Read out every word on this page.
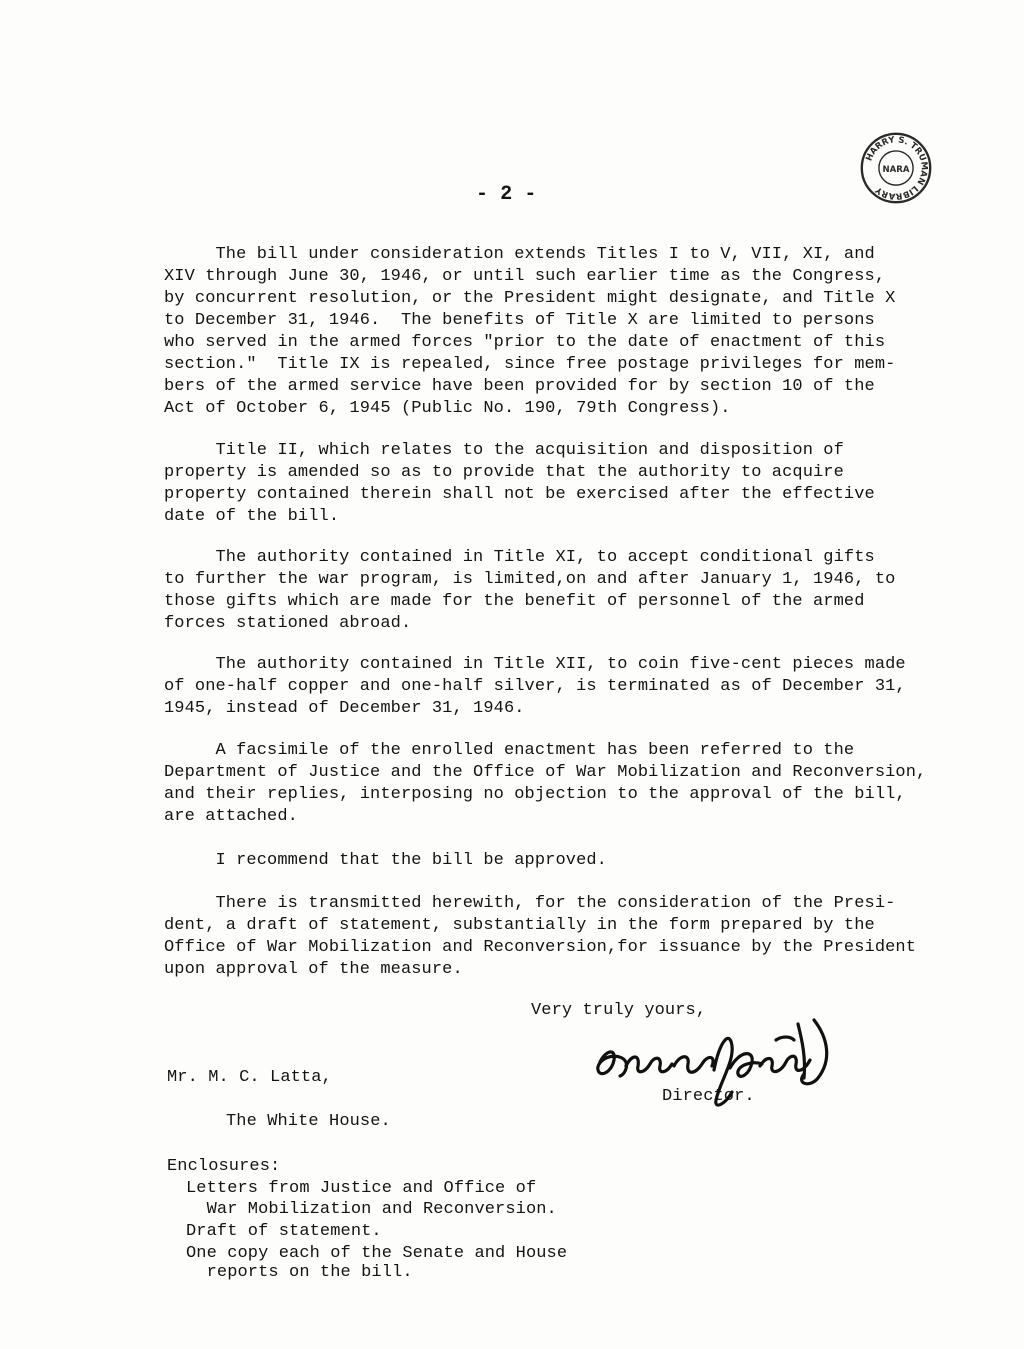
HARRY S. TRUMAN LIBRARY
NARA
- 2 -
The bill under consideration extends Titles I to V, VII, XI, and
XIV through June 30, 1946, or until such earlier time as the Congress,
by concurrent resolution, or the President might designate, and Title X
to December 31, 1946.  The benefits of Title X are limited to persons
who served in the armed forces "prior to the date of enactment of this
section."  Title IX is repealed, since free postage privileges for mem-
bers of the armed service have been provided for by section 10 of the
Act of October 6, 1945 (Public No. 190, 79th Congress).
Title II, which relates to the acquisition and disposition of
property is amended so as to provide that the authority to acquire
property contained therein shall not be exercised after the effective
date of the bill.
The authority contained in Title XI, to accept conditional gifts
to further the war program, is limited,on and after January 1, 1946, to
those gifts which are made for the benefit of personnel of the armed
forces stationed abroad.
The authority contained in Title XII, to coin five-cent pieces made
of one-half copper and one-half silver, is terminated as of December 31,
1945, instead of December 31, 1946.
A facsimile of the enrolled enactment has been referred to the
Department of Justice and the Office of War Mobilization and Reconversion,
and their replies, interposing no objection to the approval of the bill,
are attached.
I recommend that the bill be approved.
There is transmitted herewith, for the consideration of the Presi-
dent, a draft of statement, substantially in the form prepared by the
Office of War Mobilization and Reconversion,for issuance by the President
upon approval of the measure.
Very truly yours,
Director.
Mr. M. C. Latta,
The White House.
Enclosures:
Letters from Justice and Office of
War Mobilization and Reconversion.
Draft of statement.
One copy each of the Senate and House
reports on the bill.
